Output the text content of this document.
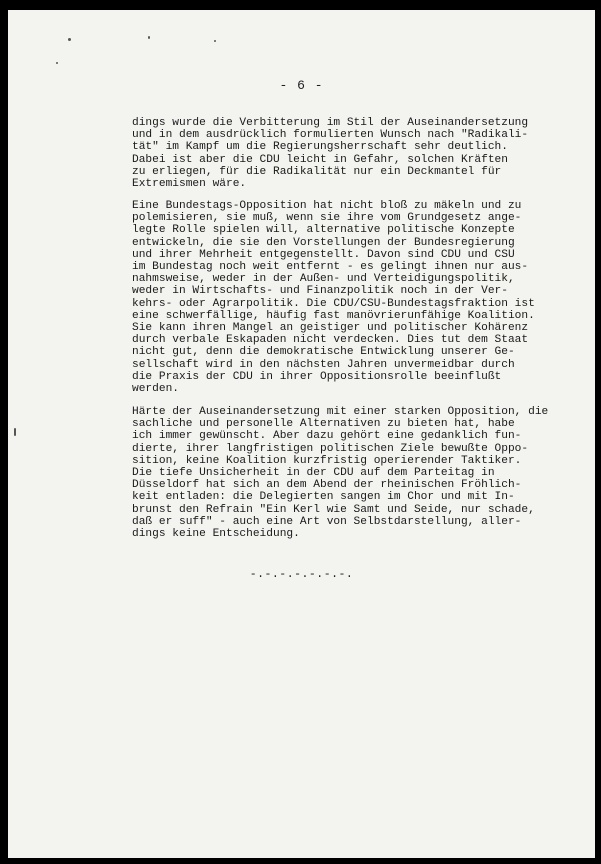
- 6 -

dings wurde die Verbitterung im Stil der Auseinandersetzung
und in dem ausdrücklich formulierten Wunsch nach "Radikali-
tät" im Kampf um die Regierungsherrschaft sehr deutlich.
Dabei ist aber die CDU leicht in Gefahr, solchen Kräften
zu erliegen, für die Radikalität nur ein Deckmantel für
Extremismen wäre.

Eine Bundestags-Opposition hat nicht bloß zu mäkeln und zu
polemisieren, sie muß, wenn sie ihre vom Grundgesetz ange-
legte Rolle spielen will, alternative politische Konzepte
entwickeln, die sie den Vorstellungen der Bundesregierung
und ihrer Mehrheit entgegenstellt. Davon sind CDU und CSU
im Bundestag noch weit entfernt - es gelingt ihnen nur aus-
nahmsweise, weder in der Außen- und Verteidigungspolitik,
weder in Wirtschafts- und Finanzpolitik noch in der Ver-
kehrs- oder Agrarpolitik. Die CDU/CSU-Bundestagsfraktion ist
eine schwerfällige, häufig fast manövrierunfähige Koalition.
Sie kann ihren Mangel an geistiger und politischer Kohärenz
durch verbale Eskapaden nicht verdecken. Dies tut dem Staat
nicht gut, denn die demokratische Entwicklung unserer Ge-
sellschaft wird in den nächsten Jahren unvermeidbar durch
die Praxis der CDU in ihrer Oppositionsrolle beeinflußt
werden.

Härte der Auseinandersetzung mit einer starken Opposition, die
sachliche und personelle Alternativen zu bieten hat, habe
ich immer gewünscht. Aber dazu gehört eine gedanklich fun-
dierte, ihrer langfristigen politischen Ziele bewußte Oppo-
sition, keine Koalition kurzfristig operierender Taktiker.
Die tiefe Unsicherheit in der CDU auf dem Parteitag in
Düsseldorf hat sich an dem Abend der rheinischen Fröhlich-
keit entladen: die Delegierten sangen im Chor und mit In-
brunst den Refrain "Ein Kerl wie Samt und Seide, nur schade,
daß er suff" - auch eine Art von Selbstdarstellung, aller-
dings keine Entscheidung.

-.-.-.-.-.-.-.
